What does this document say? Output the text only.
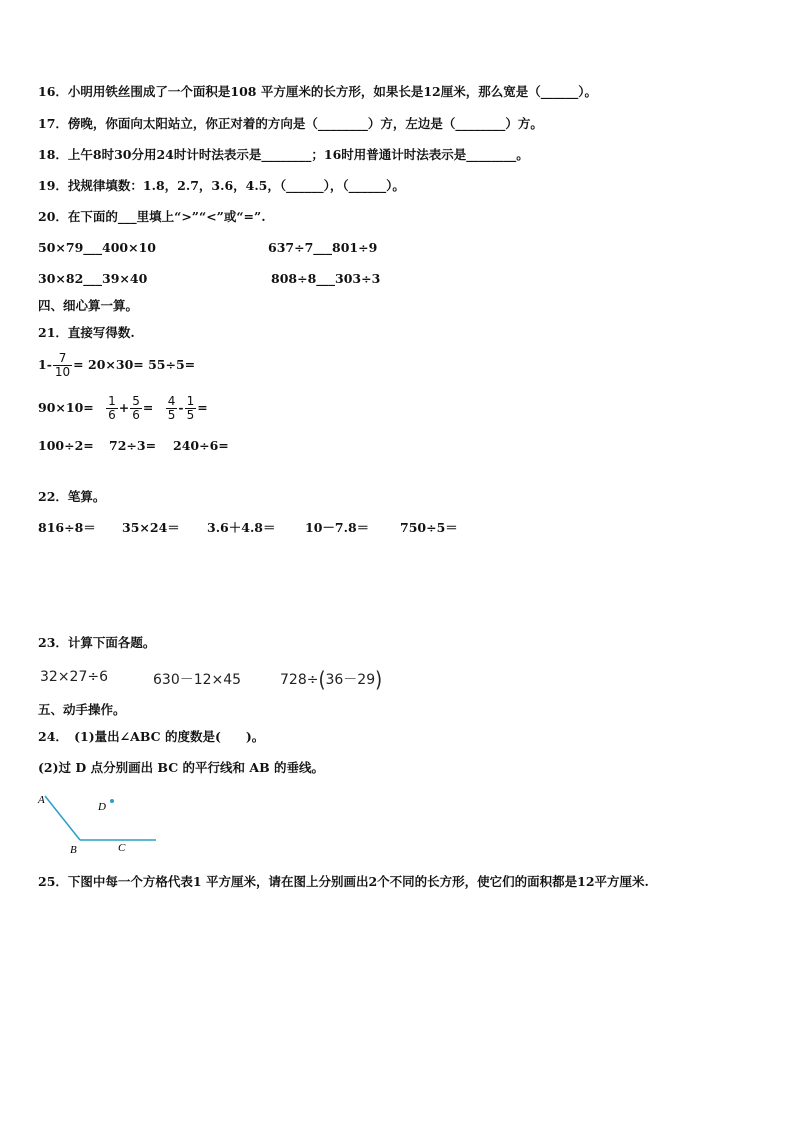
16．小明用铁丝围成了一个面积是108 平方厘米的长方形，如果长是12厘米，那么宽是（______）。
17．傍晚，你面向太阳站立，你正对着的方向是（________）方，左边是（________）方。
18．上午8时30分用24时计时法表示是________；16时用普通计时法表示是________。
19．找规律填数：1.8，2.7，3.6，4.5，（______），（______）。
20．在下面的___里填上“>”“<”或“=”.
50×79___400×10	637÷7___801÷9
30×82___39×40	808÷8___303÷3
四、细心算一算。
21．直接写得数.
$1- \frac{7}{10} = 20\times 30= 55\div 5=$
$90\times 10= \frac{1}{6} + \frac{5}{6} = \frac{4}{5} - \frac{1}{5}$ =
100÷2= 72÷3= 240÷6=
22．笔算。
816÷8＝ 35×24＝ 3.6＋4.8＝ 10－7.8＝ 750÷5＝
23．计算下面各题。
32×27÷6	630－12×45	728÷(36－29)
五、动手操作。
24．　(1)量出∠ABC 的度数是(　　)。
(2)过 D 点分别画出 BC 的平行线和 AB 的垂线。
A
B	C
D
25．下图中每一个方格代表1 平方厘米，请在图上分别画出2个不同的长方形，使它们的面积都是12平方厘米.
